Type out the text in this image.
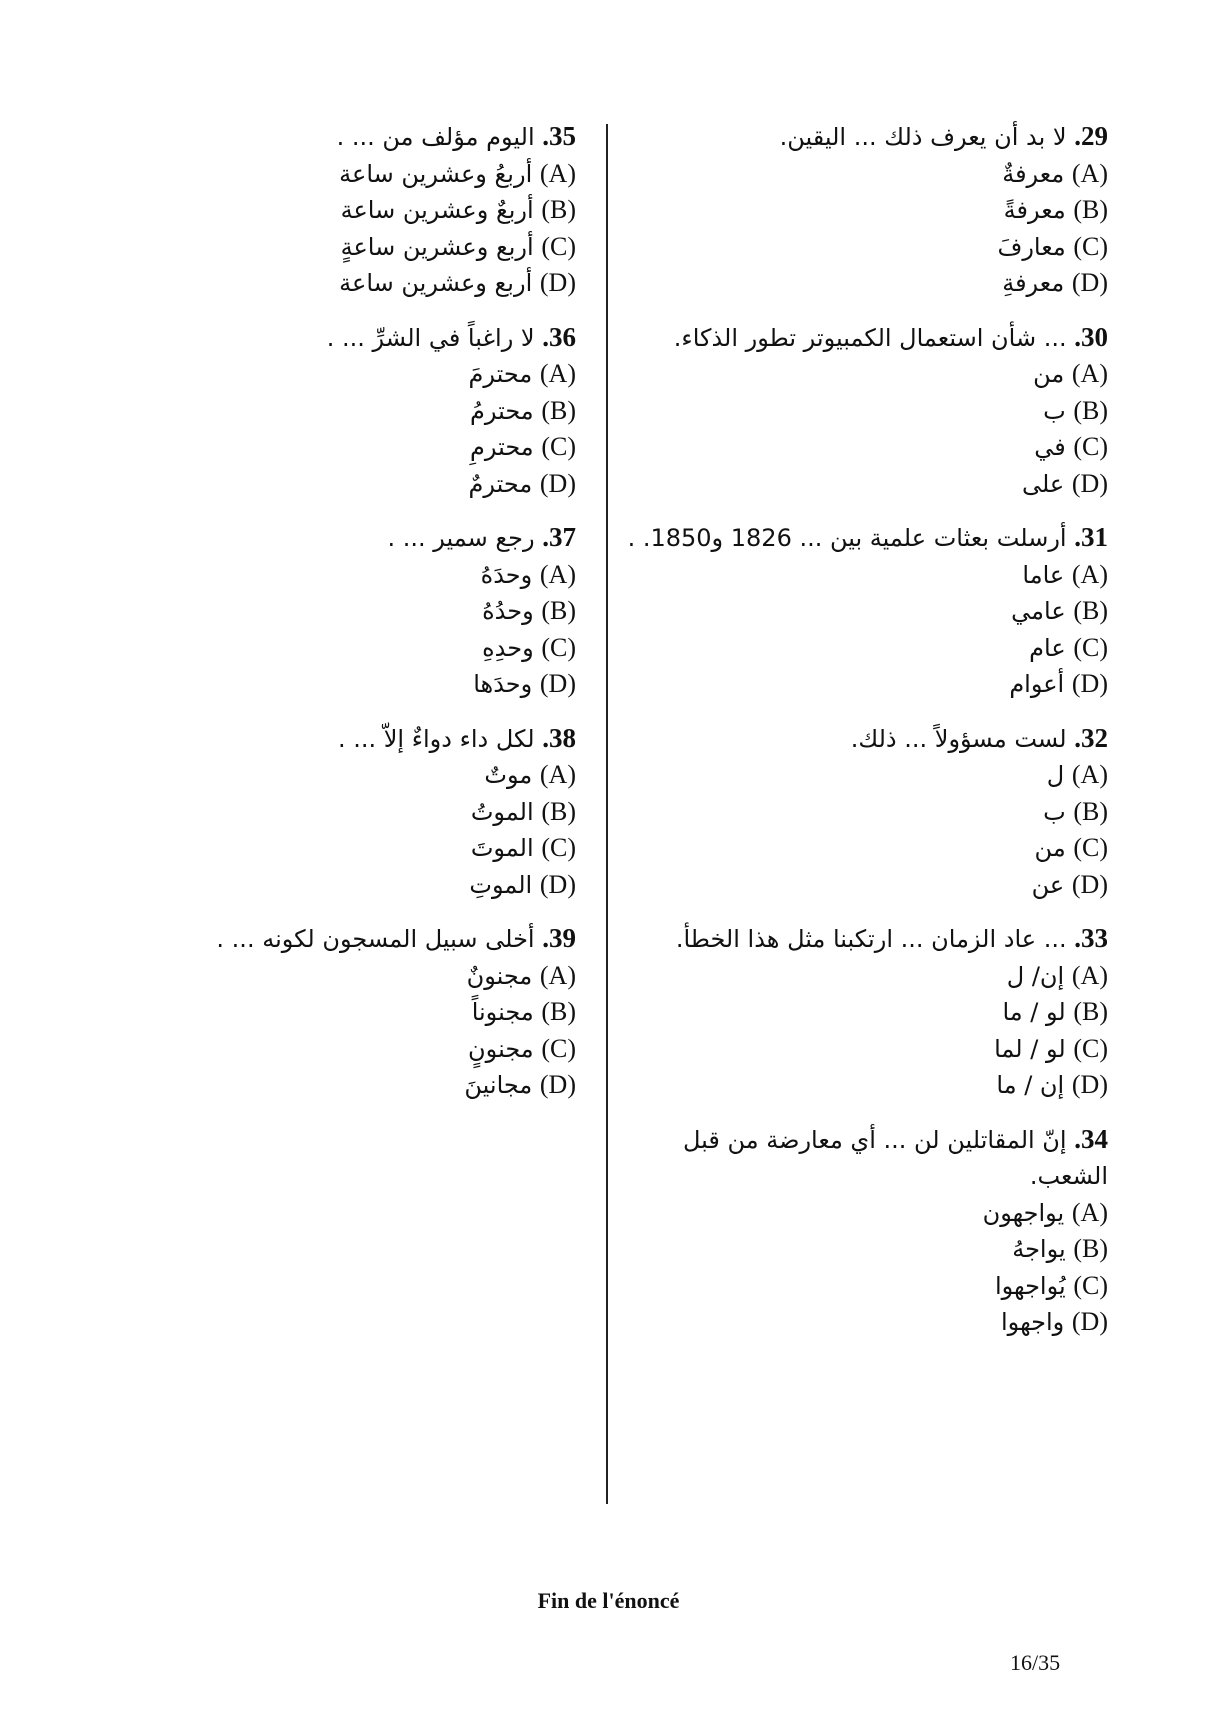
29. لا بد أن يعرف ذلك ... اليقين.

(A) معرفةٌ
(B) معرفةً
(C) معارفَ
(D) معرفةِ

30. ... شأن استعمال الكمبيوتر تطور الذكاء.

(A) من
(B) ب
(C) في
(D) على

31. أرسلت بعثات علمية بين ... 1826 و1850. .

(A) عاما
(B) عامي
(C) عام
(D) أعوام

32. لست مسؤولاً ... ذلك.

(A) ل
(B) ب
(C) من
(D) عن

33. ... عاد الزمان ... ارتكبنا مثل هذا الخطأ.

(A) إن/ ل
(B) لو / ما
(C) لو / لما
(D) إن / ما

34. إنّ المقاتلين لن ... أي معارضة من قبل الشعب.

(A) يواجهون
(B) يواجهُ
(C) يُواجهوا
(D) واجهوا

35. اليوم مؤلف من ... .

(A) أربعُ وعشرين ساعة
(B) أربعٌ وعشرين ساعة
(C) أربع وعشرين ساعةٍ
(D) أربع وعشرين ساعة

36. لا راغباً في الشرِّ ... .

(A) محترمَ
(B) محترمُ
(C) محترمِ
(D) محترمٌ

37. رجع سمير ... .

(A) وحدَهُ
(B) وحدُهُ
(C) وحدِهِ
(D) وحدَها

38. لكل داء دواءٌ إلاّ ... .

(A) موتٌ
(B) الموتُ
(C) الموتَ
(D) الموتِ

39. أخلى سبيل المسجون لكونه ... .

(A) مجنونٌ
(B) مجنوناً
(C) مجنونٍ
(D) مجانينَ
Fin de l'énoncé
16/35
